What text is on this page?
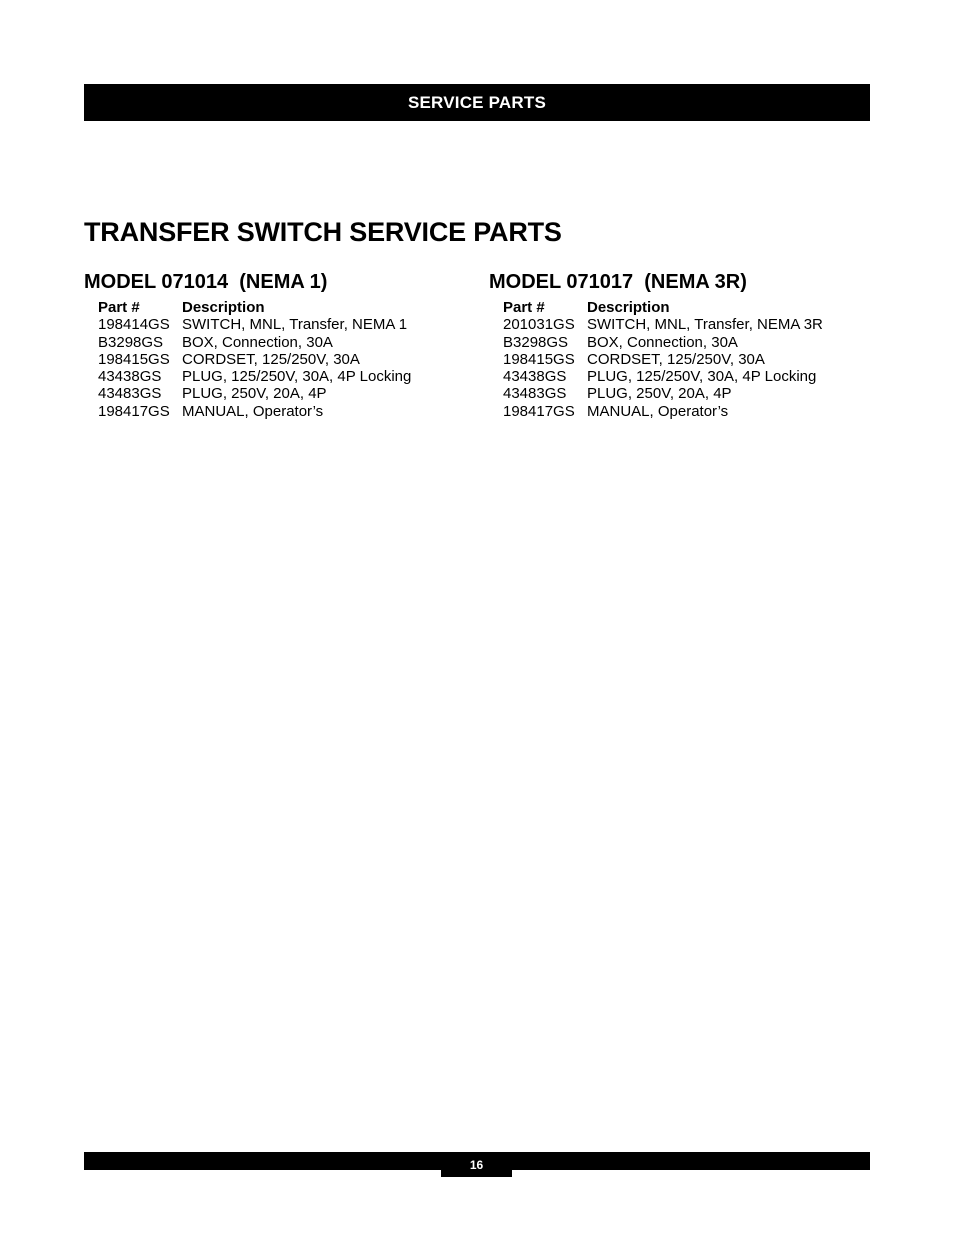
SERVICE PARTS
TRANSFER SWITCH SERVICE PARTS
MODEL 071014  (NEMA 1)
Part #	Description
198414GS	SWITCH, MNL, Transfer, NEMA 1
B3298GS	BOX, Connection, 30A
198415GS	CORDSET, 125/250V, 30A
43438GS	PLUG, 125/250V, 30A, 4P Locking
43483GS	PLUG, 250V, 20A, 4P
198417GS	MANUAL, Operator’s
MODEL 071017  (NEMA 3R)
Part #	Description
201031GS	SWITCH, MNL, Transfer, NEMA 3R
B3298GS	BOX, Connection, 30A
198415GS	CORDSET, 125/250V, 30A
43438GS	PLUG, 125/250V, 30A, 4P Locking
43483GS	PLUG, 250V, 20A, 4P
198417GS	MANUAL, Operator’s
16
